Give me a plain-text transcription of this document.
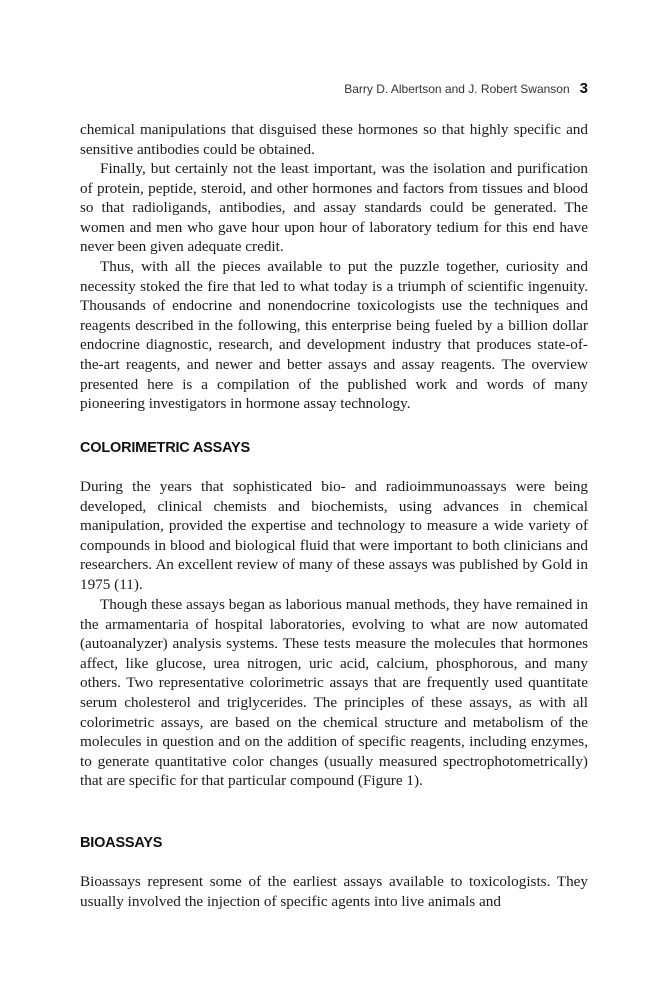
Barry D. Albertson and J. Robert Swanson 3

chemical manipulations that disguised these hormones so that highly specific and sensitive antibodies could be obtained.

Finally, but certainly not the least important, was the isolation and purification of protein, peptide, steroid, and other hormones and factors from tissues and blood so that radioligands, antibodies, and assay standards could be generated. The women and men who gave hour upon hour of laboratory tedium for this end have never been given adequate credit.

Thus, with all the pieces available to put the puzzle together, curiosity and necessity stoked the fire that led to what today is a triumph of scientific ingenuity. Thousands of endocrine and nonendocrine toxicologists use the techniques and reagents described in the following, this enterprise being fueled by a billion dollar endocrine diagnostic, research, and development industry that produces state-of-the-art reagents, and newer and better assays and assay reagents. The overview presented here is a compilation of the published work and words of many pioneering investigators in hormone assay technology.

COLORIMETRIC ASSAYS

During the years that sophisticated bio- and radioimmunoassays were being developed, clinical chemists and biochemists, using advances in chemical manipulation, provided the expertise and technology to measure a wide variety of compounds in blood and biological fluid that were important to both clinicians and researchers. An excellent review of many of these assays was published by Gold in 1975 (11).

Though these assays began as laborious manual methods, they have remained in the armamentaria of hospital laboratories, evolving to what are now automated (autoanalyzer) analysis systems. These tests measure the molecules that hormones affect, like glucose, urea nitrogen, uric acid, calcium, phosphorous, and many others. Two representative colorimetric assays that are frequently used quantitate serum cholesterol and triglycerides. The principles of these assays, as with all colorimetric assays, are based on the chemical structure and metabolism of the molecules in question and on the addition of specific reagents, including enzymes, to generate quantitative color changes (usually measured spectrophotometrically) that are specific for that particular compound (Figure 1).

BIOASSAYS

Bioassays represent some of the earliest assays available to toxicologists. They usually involved the injection of specific agents into live animals and
